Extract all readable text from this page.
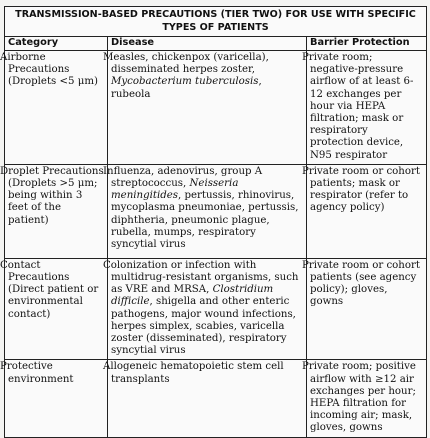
TRANSMISSION-BASED PRECAUTIONS (TIER TWO) FOR USE WITH SPECIFIC TYPES OF PATIENTS		
Category	Disease	Barrier Protection
Airborne Precautions (Droplets <5 μm)	Measles, chickenpox (varicella), disseminated herpes zoster, Mycobacterium tuberculosis, rubeola	Private room; negative-pressure airflow of at least 6-12 exchanges per hour via HEPA filtration; mask or respiratory protection device, N95 respirator
Droplet Precautions (Droplets >5 μm; being within 3 feet of the patient)	Influenza, adenovirus, group A streptococcus, Neisseria meningitides, pertussis, rhinovirus, mycoplasma pneumoniae, pertussis, diphtheria, pneumonic plague, rubella, mumps, respiratory syncytial virus	Private room or cohort patients; mask or respirator (refer to agency policy)
Contact Precautions (Direct patient or environmental contact)	Colonization or infection with multidrug-resistant organisms, such as VRE and MRSA, Clostridium difficile, shigella and other enteric pathogens, major wound infections, herpes simplex, scabies, varicella zoster (disseminated), respiratory syncytial virus	Private room or cohort patients (see agency policy); gloves, gowns
Protective environment	Allogeneic hematopoietic stem cell transplants	Private room; positive airflow with ≥12 air exchanges per hour; HEPA filtration for incoming air; mask, gloves, gowns
